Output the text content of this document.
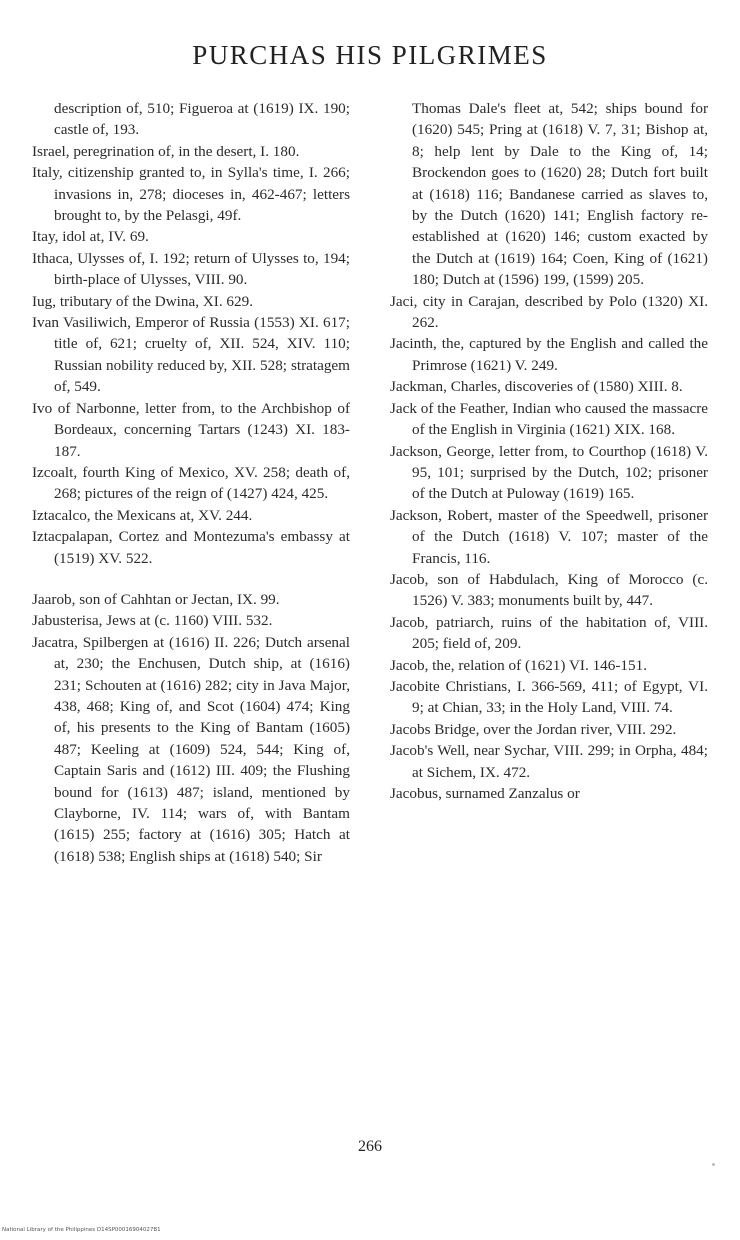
PURCHAS HIS PILGRIMES
description of, 510; Figueroa at (1619) IX. 190; castle of, 193.
Israel, peregrination of, in the desert, I. 180.
Italy, citizenship granted to, in Sylla's time, I. 266; invasions in, 278; dioceses in, 462-467; letters brought to, by the Pelasgi, 49f.
Itay, idol at, IV. 69.
Ithaca, Ulysses of, I. 192; return of Ulysses to, 194; birth-place of Ulysses, VIII. 90.
Iug, tributary of the Dwina, XI. 629.
Ivan Vasiliwich, Emperor of Russia (1553) XI. 617; title of, 621; cruelty of, XII. 524, XIV. 110; Russian nobility reduced by, XII. 528; stratagem of, 549.
Ivo of Narbonne, letter from, to the Archbishop of Bordeaux, concerning Tartars (1243) XI. 183-187.
Izcoalt, fourth King of Mexico, XV. 258; death of, 268; pictures of the reign of (1427) 424, 425.
Iztacalco, the Mexicans at, XV. 244.
Iztacpalapan, Cortez and Montezuma's embassy at (1519) XV. 522.
Jaarob, son of Cahhtan or Jectan, IX. 99.
Jabusterisa, Jews at (c. 1160) VIII. 532.
Jacatra, Spilbergen at (1616) II. 226; Dutch arsenal at, 230; the Enchusen, Dutch ship, at (1616) 231; Schouten at (1616) 282; city in Java Major, 438, 468; King of, and Scot (1604) 474; King of, his presents to the King of Bantam (1605) 487; Keeling at (1609) 524, 544; King of, Captain Saris and (1612) III. 409; the Flushing bound for (1613) 487; island, mentioned by Clayborne, IV. 114; wars of, with Bantam (1615) 255; factory at (1616) 305; Hatch at (1618) 538; English ships at (1618) 540; Sir
Thomas Dale's fleet at, 542; ships bound for (1620) 545; Pring at (1618) V. 7, 31; Bishop at, 8; help lent by Dale to the King of, 14; Brockendon goes to (1620) 28; Dutch fort built at (1618) 116; Bandanese carried as slaves to, by the Dutch (1620) 141; English factory re-established at (1620) 146; custom exacted by the Dutch at (1619) 164; Coen, King of (1621) 180; Dutch at (1596) 199, (1599) 205.
Jaci, city in Carajan, described by Polo (1320) XI. 262.
Jacinth, the, captured by the English and called the Primrose (1621) V. 249.
Jackman, Charles, discoveries of (1580) XIII. 8.
Jack of the Feather, Indian who caused the massacre of the English in Virginia (1621) XIX. 168.
Jackson, George, letter from, to Courthop (1618) V. 95, 101; surprised by the Dutch, 102; prisoner of the Dutch at Puloway (1619) 165.
Jackson, Robert, master of the Speedwell, prisoner of the Dutch (1618) V. 107; master of the Francis, 116.
Jacob, son of Habdulach, King of Morocco (c. 1526) V. 383; monuments built by, 447.
Jacob, patriarch, ruins of the habitation of, VIII. 205; field of, 209.
Jacob, the, relation of (1621) VI. 146-151.
Jacobite Christians, I. 366-569, 411; of Egypt, VI. 9; at Chian, 33; in the Holy Land, VIII. 74.
Jacobs Bridge, over the Jordan river, VIII. 292.
Jacob's Well, near Sychar, VIII. 299; in Orpha, 484; at Sichem, IX. 472.
Jacobus, surnamed Zanzalus or
266
National Library of the Philippines D14SP00016904027B1
